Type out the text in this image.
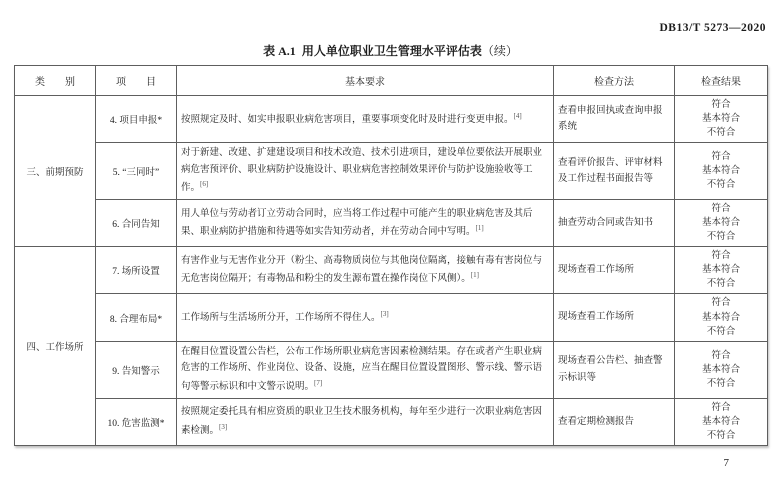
DB13/T 5273—2020
表 A.1 用人单位职业卫生管理水平评估表（续）
类　　别	项　　目	基本要求	检查方法	检查结果
三、前期预防	4. 项目申报*	按照规定及时、如实申报职业病危害项目，重要事项变化时及时进行变更申报。[4]	查看申报回执或查询申报系统	符合
基本符合
不符合

	5. “三同时”	对于新建、改建、扩建建设项目和技术改造、技术引进项目，建设单位要依法开展职业病危害预评价、职业病防护设施设计、职业病危害控制效果评价与防护设施验收等工作。[6]	查看评价报告、评审材料及工作过程书面报告等	符合
基本符合
不符合

	6. 合同告知	用人单位与劳动者订立劳动合同时，应当将工作过程中可能产生的职业病危害及其后果、职业病防护措施和待遇等如实告知劳动者，并在劳动合同中写明。[1]	抽查劳动合同或告知书	符合
基本符合
不符合

四、工作场所	7. 场所设置	有害作业与无害作业分开（粉尘、高毒物质岗位与其他岗位隔离，接触有毒有害岗位与无危害岗位隔开；有毒物品和粉尘的发生源布置在操作岗位下风侧）。[1]	现场查看工作场所	符合
基本符合
不符合

	8. 合理布局*	工作场所与生活场所分开，工作场所不得住人。[3]	现场查看工作场所	符合
基本符合
不符合

	9. 告知警示	在醒目位置设置公告栏，公布工作场所职业病危害因素检测结果。存在或者产生职业病危害的工作场所、作业岗位、设备、设施，应当在醒目位置设置图形、警示线、警示语句等警示标识和中文警示说明。[7]	现场查看公告栏、抽查警示标识等	符合
基本符合
不符合

	10. 危害监测*	按照规定委托具有相应资质的职业卫生技术服务机构，每年至少进行一次职业病危害因素检测。[3]	查看定期检测报告	符合
基本符合
不符合
7
